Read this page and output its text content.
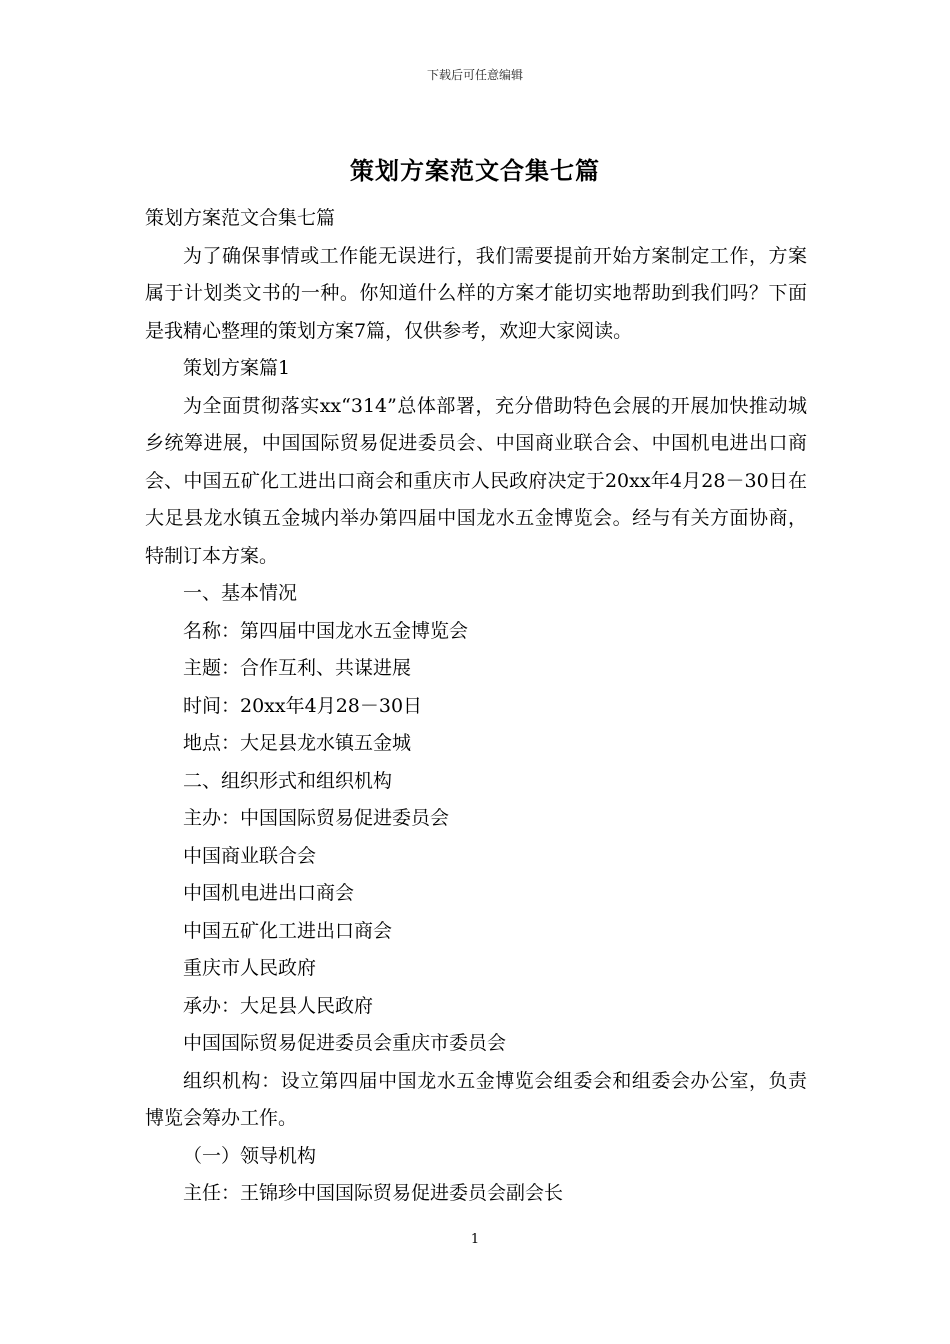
下载后可任意编辑
策划方案范文合集七篇
策划方案范文合集七篇

为了确保事情或工作能无误进行，我们需要提前开始方案制定工作，方案属于计划类文书的一种。你知道什么样的方案才能切实地帮助到我们吗？下面是我精心整理的策划方案7篇，仅供参考，欢迎大家阅读。

策划方案篇1

为全面贯彻落实xx“314”总体部署，充分借助特色会展的开展加快推动城乡统筹进展，中国国际贸易促进委员会、中国商业联合会、中国机电进出口商会、中国五矿化工进出口商会和重庆市人民政府决定于20xx年4月28－30日在大足县龙水镇五金城内举办第四届中国龙水五金博览会。经与有关方面协商，特制订本方案。

一、基本情况
名称：第四届中国龙水五金博览会
主题：合作互利、共谋进展
时间：20xx年4月28－30日
地点：大足县龙水镇五金城
二、组织形式和组织机构
主办：中国国际贸易促进委员会
中国商业联合会
中国机电进出口商会
中国五矿化工进出口商会
重庆市人民政府
承办：大足县人民政府
中国国际贸易促进委员会重庆市委员会

组织机构：设立第四届中国龙水五金博览会组委会和组委会办公室，负责博览会筹办工作。

（一）领导机构
主任：王锦珍中国国际贸易促进委员会副会长
1
